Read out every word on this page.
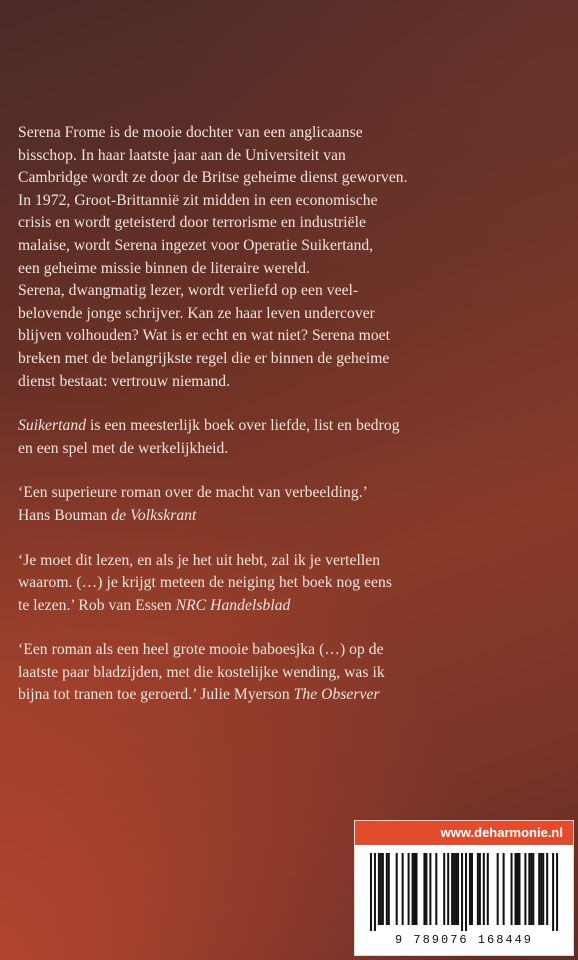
Serena Frome is de mooie dochter van een anglicaanse

bisschop. In haar laatste jaar aan de Universiteit van

Cambridge wordt ze door de Britse geheime dienst geworven.

In 1972, Groot-Brittannië zit midden in een economische

crisis en wordt geteisterd door terrorisme en industriële

malaise, wordt Serena ingezet voor Operatie Suikertand,

een geheime missie binnen de literaire wereld.

Serena, dwangmatig lezer, wordt verliefd op een veel-

belovende jonge schrijver. Kan ze haar leven undercover

blijven volhouden? Wat is er echt en wat niet? Serena moet

breken met de belangrijkste regel die er binnen de geheime

dienst bestaat: vertrouw niemand.

Suikertand is een meesterlijk boek over liefde, list en bedrog

en een spel met de werkelijkheid.

‘Een superieure roman over de macht van verbeelding.’

Hans Bouman de Volkskrant

‘Je moet dit lezen, en als je het uit hebt, zal ik je vertellen

waarom. (…) je krijgt meteen de neiging het boek nog eens

te lezen.’ Rob van Essen NRC Handelsblad

‘Een roman als een heel grote mooie baboesjka (…) op de

laatste paar bladzijden, met die kostelijke wending, was ik

bijna tot tranen toe geroerd.’ Julie Myerson The Observer

www.deharmonie.nl
9 789076 168449
